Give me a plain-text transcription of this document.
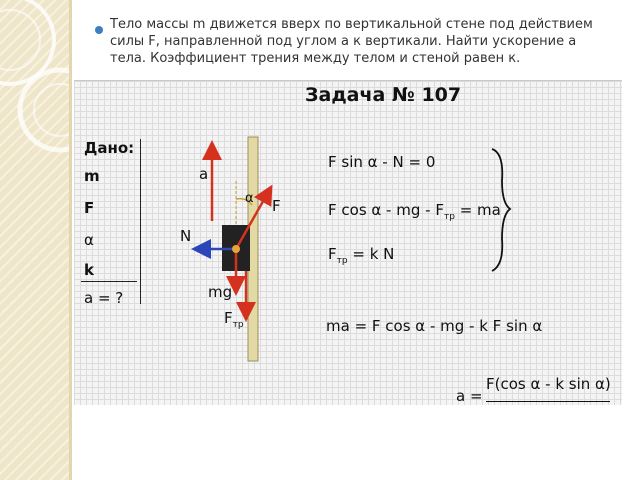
Тело массы m движется вверх по вертикальной стене под действием силы F, направленной под углом а к вертикали. Найти ускорение а тела. Коэффициент трения между телом и стеной равен к.
Задача № 107
Дано:
m
F
α
k
a = ?
a
α F
N
mg
$F_{тр}$
F sin α - N = 0
F cos α - mg - $F_{тр}$ = ma
$F_{тр} = k$ N
ma = F cos α - mg - k F sin α
F(cos α - k sin α)
a =
